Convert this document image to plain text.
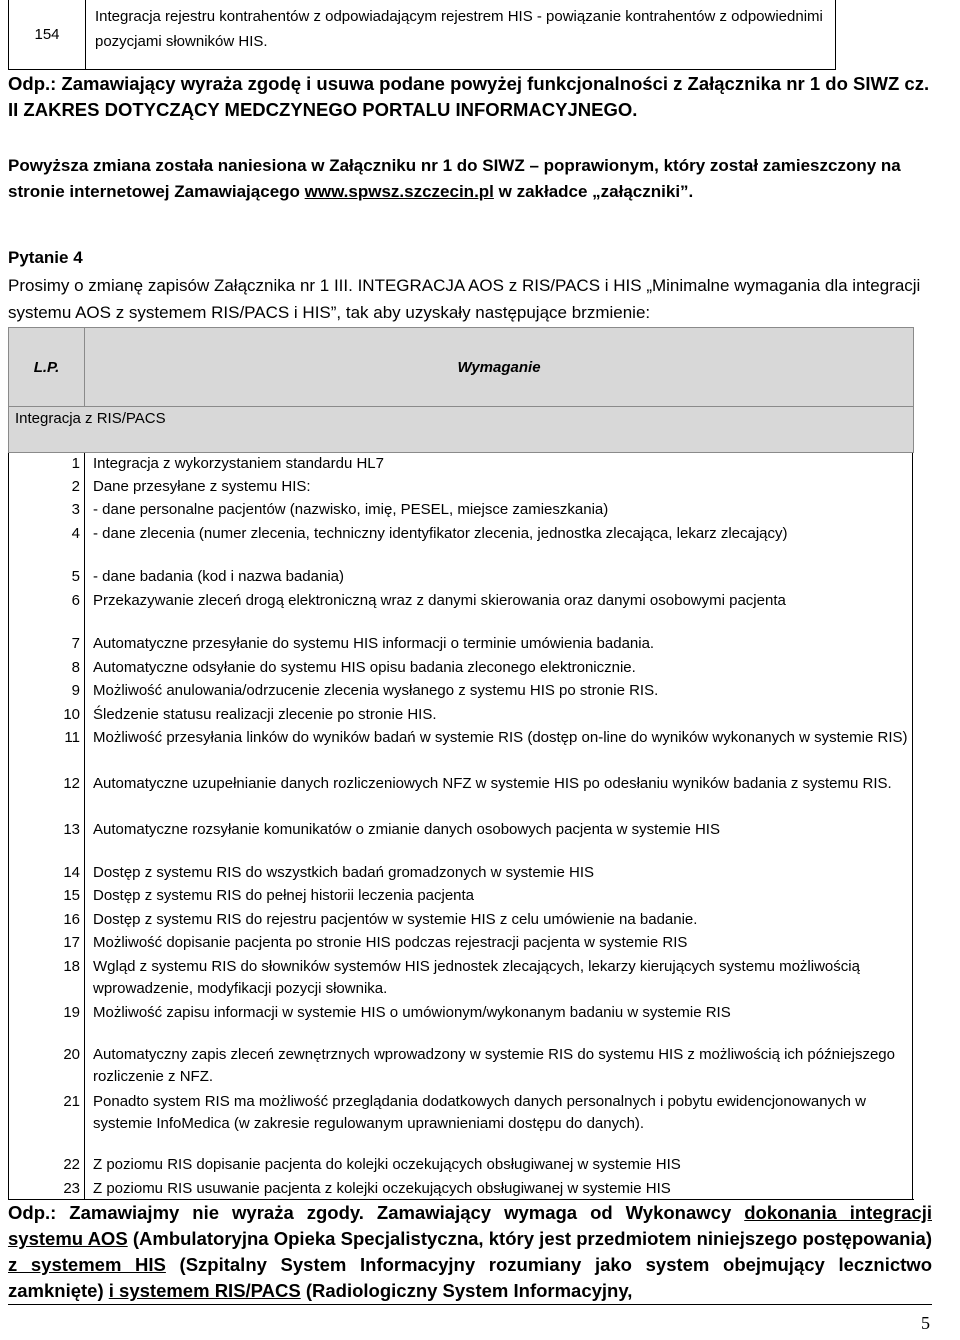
154
Integracja rejestru kontrahentów z odpowiadającym rejestrem HIS - powiązanie kontrahentów z odpowiednimi pozycjami słowników HIS.
Odp.: Zamawiający wyraża zgodę i usuwa podane powyżej funkcjonalności z Załącznika nr 1 do SIWZ cz. II ZAKRES DOTYCZĄCY MEDCZYNEGO PORTALU INFORMACYJNEGO.
Powyższa zmiana została naniesiona w Załączniku nr 1 do SIWZ – poprawionym, który został zamieszczony na stronie internetowej Zamawiającego www.spwsz.szczecin.pl w zakładce „załączniki”.
Pytanie 4
Prosimy o zmianę zapisów Załącznika nr 1 III. INTEGRACJA AOS z RIS/PACS i HIS „Minimalne wymagania dla integracji systemu AOS z systemem RIS/PACS i HIS”, tak aby uzyskały następujące brzmienie:
L.P.	Wymaganie
Integracja z RIS/PACS
1 Integracja z wykorzystaniem standardu HL7
2 Dane przesyłane z systemu HIS:
3 - dane personalne pacjentów (nazwisko, imię, PESEL, miejsce zamieszkania)
4 - dane zlecenia (numer zlecenia, techniczny identyfikator zlecenia, jednostka zlecająca, lekarz zlecający)
5 - dane badania (kod i nazwa badania)
6 Przekazywanie zleceń drogą elektroniczną wraz z danymi skierowania oraz danymi osobowymi pacjenta
7 Automatyczne przesyłanie do systemu HIS informacji o terminie umówienia badania.
8 Automatyczne odsyłanie do systemu HIS opisu badania zleconego elektronicznie.
9 Możliwość anulowania/odrzucenie zlecenia wysłanego z systemu HIS po stronie RIS.
10 Śledzenie statusu realizacji zlecenie po stronie HIS.
11 Możliwość przesyłania linków do wyników badań w systemie RIS (dostęp on-line do wyników wykonanych w systemie RIS)
12 Automatyczne uzupełnianie danych rozliczeniowych NFZ w systemie HIS po odesłaniu wyników badania z systemu RIS.
13 Automatyczne rozsyłanie komunikatów o zmianie danych osobowych pacjenta w systemie HIS
14 Dostęp z systemu RIS do wszystkich badań gromadzonych w systemie HIS
15 Dostęp z systemu RIS do pełnej historii leczenia pacjenta
16 Dostęp z systemu RIS do rejestru pacjentów w systemie HIS z celu umówienie na badanie.
17 Możliwość dopisanie pacjenta po stronie HIS podczas rejestracji pacjenta w systemie RIS
18 Wgląd z systemu RIS do słowników systemów HIS jednostek zlecających, lekarzy kierujących systemu możliwością wprowadzenie, modyfikacji pozycji słownika.
19 Możliwość zapisu informacji w systemie HIS o umówionym/wykonanym badaniu w systemie RIS
20 Automatyczny zapis zleceń zewnętrznych wprowadzony w systemie RIS do systemu HIS z możliwością ich późniejszego rozliczenie z NFZ.
21 Ponadto system RIS ma możliwość przeglądania dodatkowych danych personalnych i pobytu ewidencjonowanych w systemie InfoMedica (w zakresie regulowanym uprawnieniami dostępu do danych).
22 Z poziomu RIS dopisanie pacjenta do kolejki oczekujących obsługiwanej w systemie HIS
23 Z poziomu RIS usuwanie pacjenta z kolejki oczekujących obsługiwanej w systemie HIS
Odp.: Zamawiajmy nie wyraża zgody. Zamawiający wymaga od Wykonawcy dokonania integracji systemu AOS (Ambulatoryjna Opieka Specjalistyczna, który jest przedmiotem niniejszego postępowania) z systemem HIS (Szpitalny System Informacyjny rozumiany jako system obejmujący lecznictwo zamknięte) i systemem RIS/PACS (Radiologiczny System Informacyjny,
5
